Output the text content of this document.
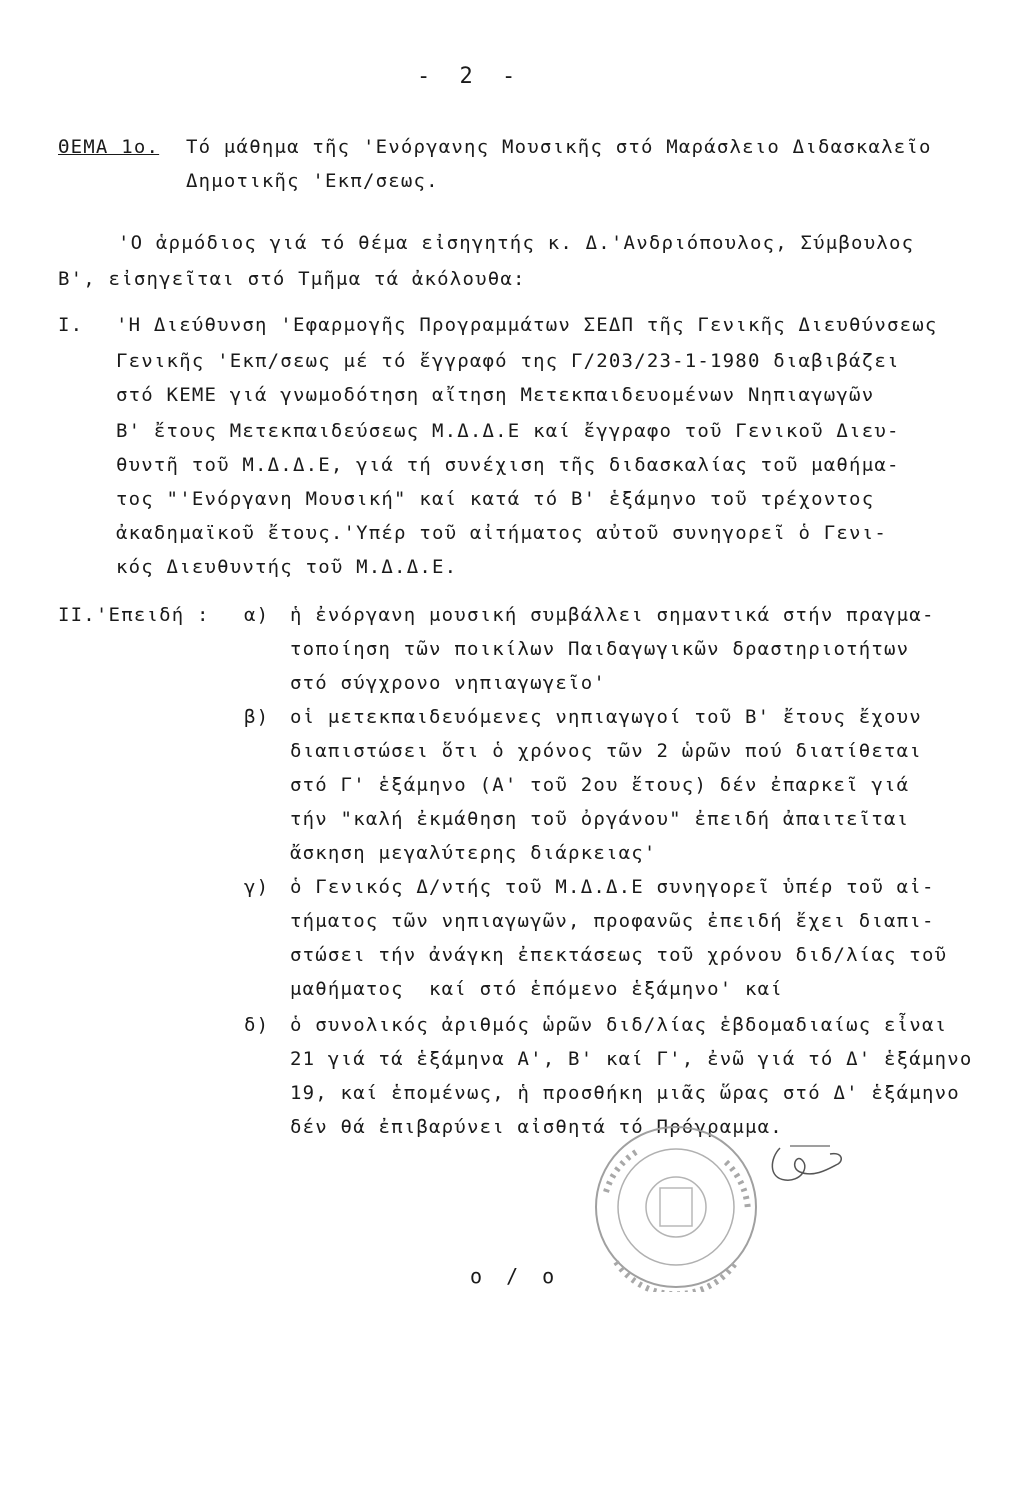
- 2 -
ΘΕΜΑ 1ο. Τό μάθημα τῆς 'Ενόργανης Μουσικῆς στό Μαράσλειο Διδασκαλεῖο
Δημοτικῆς 'Εκπ/σεως.
'Ο ἁρμόδιος γιά τό θέμα εἰσηγητής κ. Δ.'Ανδριόπουλος, Σύμβουλος
Β', εἰσηγεῖται στό Τμῆμα τά ἀκόλουθα:
Ι. 'Η Διεύθυνση 'Εφαρμογῆς Προγραμμάτων ΣΕΔΠ τῆς Γενικῆς Διευθύνσεως
Γενικῆς 'Εκπ/σεως μέ τό ἔγγραφό της Γ/203/23-1-1980 διαβιβάζει
στό ΚΕΜΕ γιά γνωμοδότηση αἴτηση Μετεκπαιδευομένων Νηπιαγωγῶν
Β' ἔτους Μετεκπαιδεύσεως Μ.Δ.Δ.Ε καί ἔγγραφο τοῦ Γενικοῦ Διευ-
θυντῆ τοῦ Μ.Δ.Δ.Ε, γιά τή συνέχιση τῆς διδασκαλίας τοῦ μαθήμα-
τος "'Ενόργανη Μουσική" καί κατά τό Β' ἑξάμηνο τοῦ τρέχοντος
ἀκαδημαϊκοῦ ἔτους.'Υπέρ τοῦ αἰτήματος αὐτοῦ συνηγορεῖ ὁ Γενι-
κός Διευθυντής τοῦ Μ.Δ.Δ.Ε.
ΙΙ.'Επειδή : α) ἡ ἐνόργανη μουσική συμβάλλει σημαντικά στήν πραγμα-
τοποίηση τῶν ποικίλων Παιδαγωγικῶν δραστηριοτήτων
στό σύγχρονο νηπιαγωγεῖο'
β) οἱ μετεκπαιδευόμενες νηπιαγωγοί τοῦ Β' ἔτους ἔχουν
διαπιστώσει ὅτι ὁ χρόνος τῶν 2 ὡρῶν πού διατίθεται
στό Γ' ἑξάμηνο (Α' τοῦ 2ου ἔτους) δέν ἐπαρκεῖ γιά
τήν "καλή ἐκμάθηση τοῦ ὀργάνου" ἐπειδή ἀπαιτεῖται
ἄσκηση μεγαλύτερης διάρκειας'
γ) ὁ Γενικός Δ/ντής τοῦ Μ.Δ.Δ.Ε συνηγορεῖ ὑπέρ τοῦ αἰ-
τήματος τῶν νηπιαγωγῶν, προφανῶς ἐπειδή ἔχει διαπι-
στώσει τήν ἀνάγκη ἐπεκτάσεως τοῦ χρόνου διδ/λίας τοῦ
μαθήματος  καί στό ἑπόμενο ἑξάμηνο' καί
δ) ὁ συνολικός ἀριθμός ὡρῶν διδ/λίας ἑβδομαδιαίως εἶναι
21 γιά τά ἑξάμηνα Α', Β' καί Γ', ἐνῶ γιά τό Δ' ἑξάμηνο
19, καί ἑπομένως, ἡ προσθήκη μιᾶς ὥρας στό Δ' ἑξάμηνο
δέν θά ἐπιβαρύνει αἰσθητά τό Πρόγραμμα.
ο / ο
